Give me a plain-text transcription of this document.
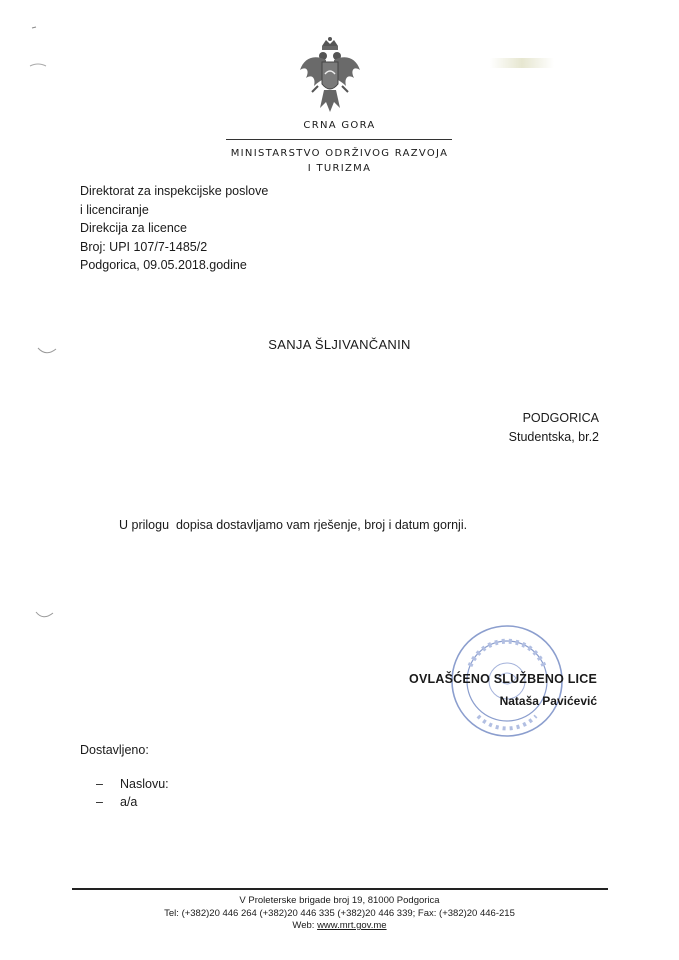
CRNA GORA
MINISTARSTVO ODRŽIVOG RAZVOJA
I TURIZMA
Direktorat za inspekcijske poslove
i licenciranje
Direkcija za licence
Broj: UPI 107/7-1485/2
Podgorica, 09.05.2018.godine
SANJA ŠLJIVANČANIN
PODGORICA
Studentska, br.2
U prilogu  dopisa dostavljamo vam rješenje, broj i datum gornji.
OVLAŠĆENO SLUŽBENO LICE
Nataša Pavićević
Dostavljeno:
– Naslovu:
– a/a
V Proleterske brigade broj 19, 81000 Podgorica
Tel: (+382)20 446 264 (+382)20 446 335 (+382)20 446 339; Fax: (+382)20 446-215
Web: www.mrt.gov.me
